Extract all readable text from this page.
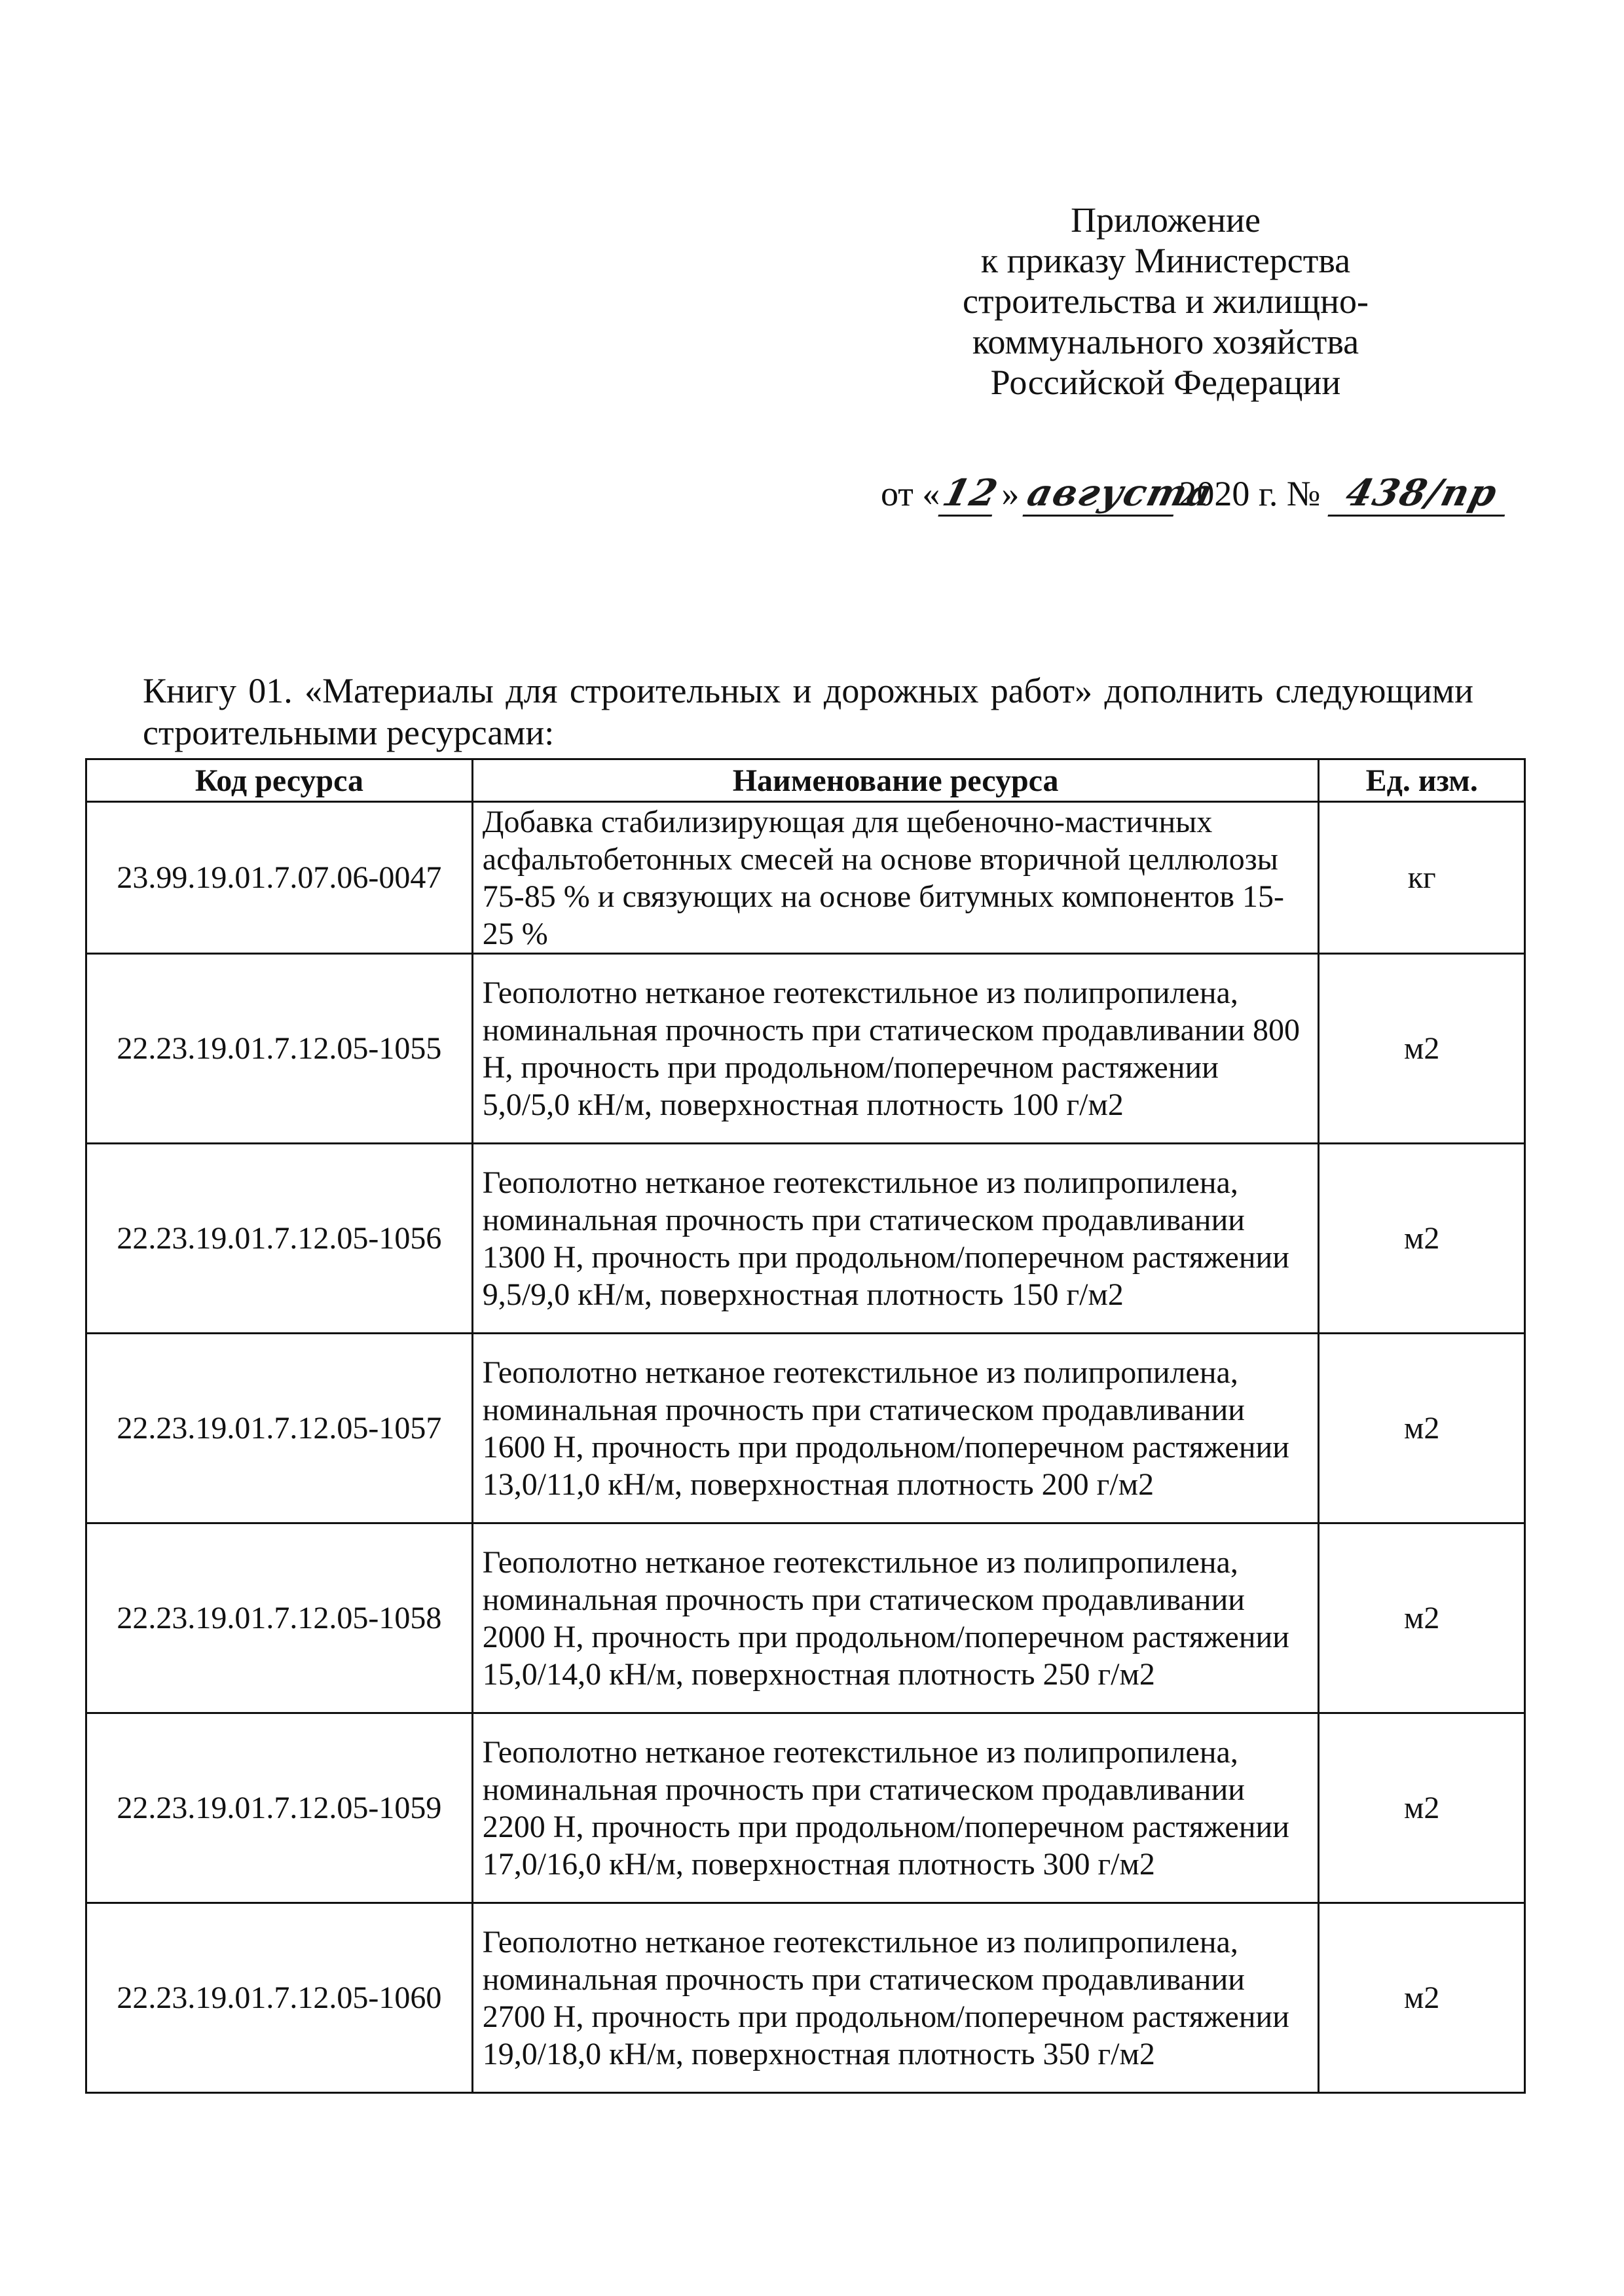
Приложение
к приказу Министерства
строительства и жилищно-
коммунального хозяйства
Российской Федерации
от «12» августа2020 г. № 438/пр
Книгу 01. «Материалы для строительных и дорожных работ» дополнить следующими строительными ресурсами:
Код ресурса	Наименование ресурса	Ед. изм.
23.99.19.01.7.07.06-0047	Добавка стабилизирующая для щебеночно-мастичных асфальтобетонных смесей на основе вторичной целлюлозы 75-85 % и связующих на основе битумных компонентов 15-25 %	кг
22.23.19.01.7.12.05-1055	Геополотно нетканое геотекстильное из полипропилена, номинальная прочность при статическом продавливании 800 Н, прочность при продольном/поперечном растяжении 5,0/5,0 кН/м, поверхностная плотность 100 г/м2	м2
22.23.19.01.7.12.05-1056	Геополотно нетканое геотекстильное из полипропилена, номинальная прочность при статическом продавливании 1300 Н, прочность при продольном/поперечном растяжении 9,5/9,0 кН/м, поверхностная плотность 150 г/м2	м2
22.23.19.01.7.12.05-1057	Геополотно нетканое геотекстильное из полипропилена, номинальная прочность при статическом продавливании 1600 Н, прочность при продольном/поперечном растяжении 13,0/11,0 кН/м, поверхностная плотность 200 г/м2	м2
22.23.19.01.7.12.05-1058	Геополотно нетканое геотекстильное из полипропилена, номинальная прочность при статическом продавливании 2000 Н, прочность при продольном/поперечном растяжении 15,0/14,0 кН/м, поверхностная плотность 250 г/м2	м2
22.23.19.01.7.12.05-1059	Геополотно нетканое геотекстильное из полипропилена, номинальная прочность при статическом продавливании 2200 Н, прочность при продольном/поперечном растяжении 17,0/16,0 кН/м, поверхностная плотность 300 г/м2	м2
22.23.19.01.7.12.05-1060	Геополотно нетканое геотекстильное из полипропилена, номинальная прочность при статическом продавливании 2700 Н, прочность при продольном/поперечном растяжении 19,0/18,0 кН/м, поверхностная плотность 350 г/м2	м2
